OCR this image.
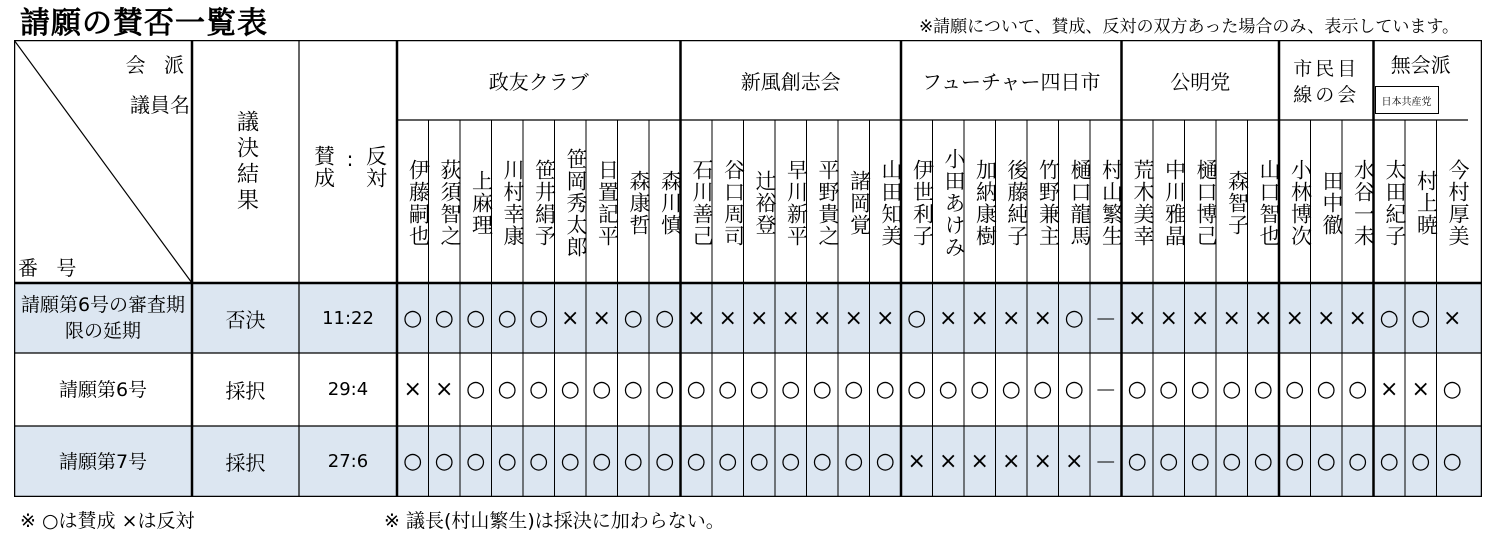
請願の賛否一覧表	※請願について、賛成、反対の双方あった場合のみ、表示しています。
会 派
議員名
番 号
議決結果	賛成 : 反対
政友クラブ
伊藤嗣也 荻須智之 上麻理 川村幸康 笹井絹予 笹岡秀太郎 日置記平 森康哲 森川慎
新風創志会
石川善己 谷口周司 辻裕登 早川新平 平野貴之 諸岡覚 山田知美
フューチャー四日市
伊世利子 小田あけみ 加納康樹 後藤純子 竹野兼主 樋口龍馬 村山繁生
公明党
荒木美幸 中川雅晶 樋口博己 森智子 山口智也
市民目線の会
小林博次 田中徹 水谷一未
無会派
日本共産党
太田紀子 村上暁 今村厚美
請願第6号の審査期限の延期	否決	11:22	○ ○ ○ ○ ○ × × ○ ○ × × × × × × × ○ × × × × ○ － × × × × × × × × ○ ○ ×
請願第6号	採択	29:4	× × ○ ○ ○ ○ ○ ○ ○ ○ ○ ○ ○ ○ ○ ○ ○ ○ ○ ○ ○ ○ － ○ ○ ○ ○ ○ ○ ○ ○ × × ○
請願第7号	採択	27:6	○ ○ ○ ○ ○ ○ ○ ○ ○ ○ ○ ○ ○ ○ ○ ○ × × × × × × － ○ ○ ○ ○ ○ ○ ○ ○ ○ ○ ○
※ ○は賛成 ×は反対	※ 議長(村山繁生)は採決に加わらない。
